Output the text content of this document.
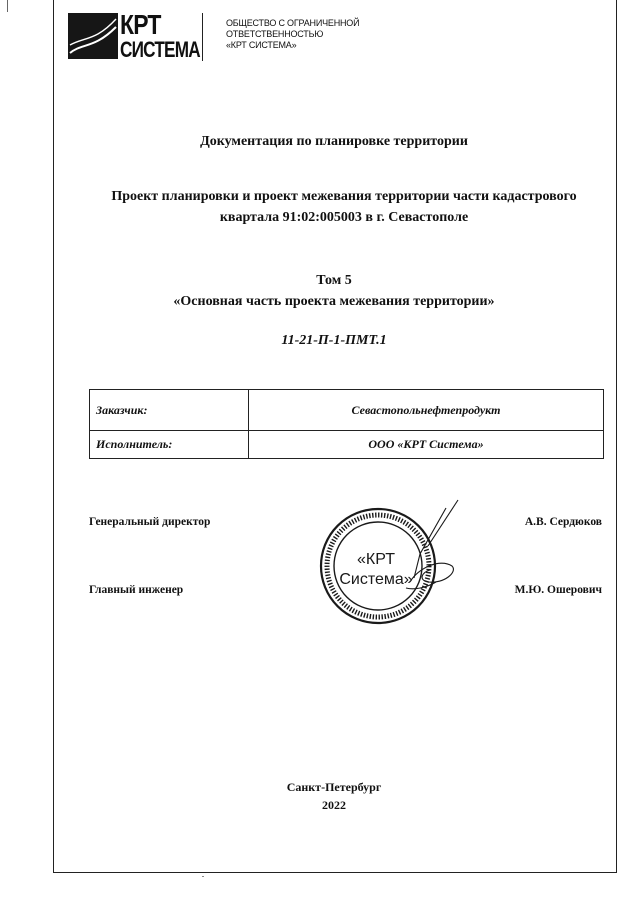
КРТ
СИСТЕМА
ОБЩЕСТВО С ОГРАНИЧЕННОЙ
ОТВЕТСТВЕННОСТЬЮ
«КРТ СИСТЕМА»
Документация по планировке территории
Проект планировки и проект межевания территории части кадастрового
квартала 91:02:005003 в г. Севастополе
Том 5
«Основная часть проекта межевания территории»
11-21-П-1-ПМТ.1
Заказчик:	Севастопольнефтепродукт
Исполнитель:	ООО «КРТ Система»
Генеральный директор	А.В. Сердюков
Главный инженер	М.Ю. Ошерович
«КРТ
Система»
Санкт-Петербург
2022
